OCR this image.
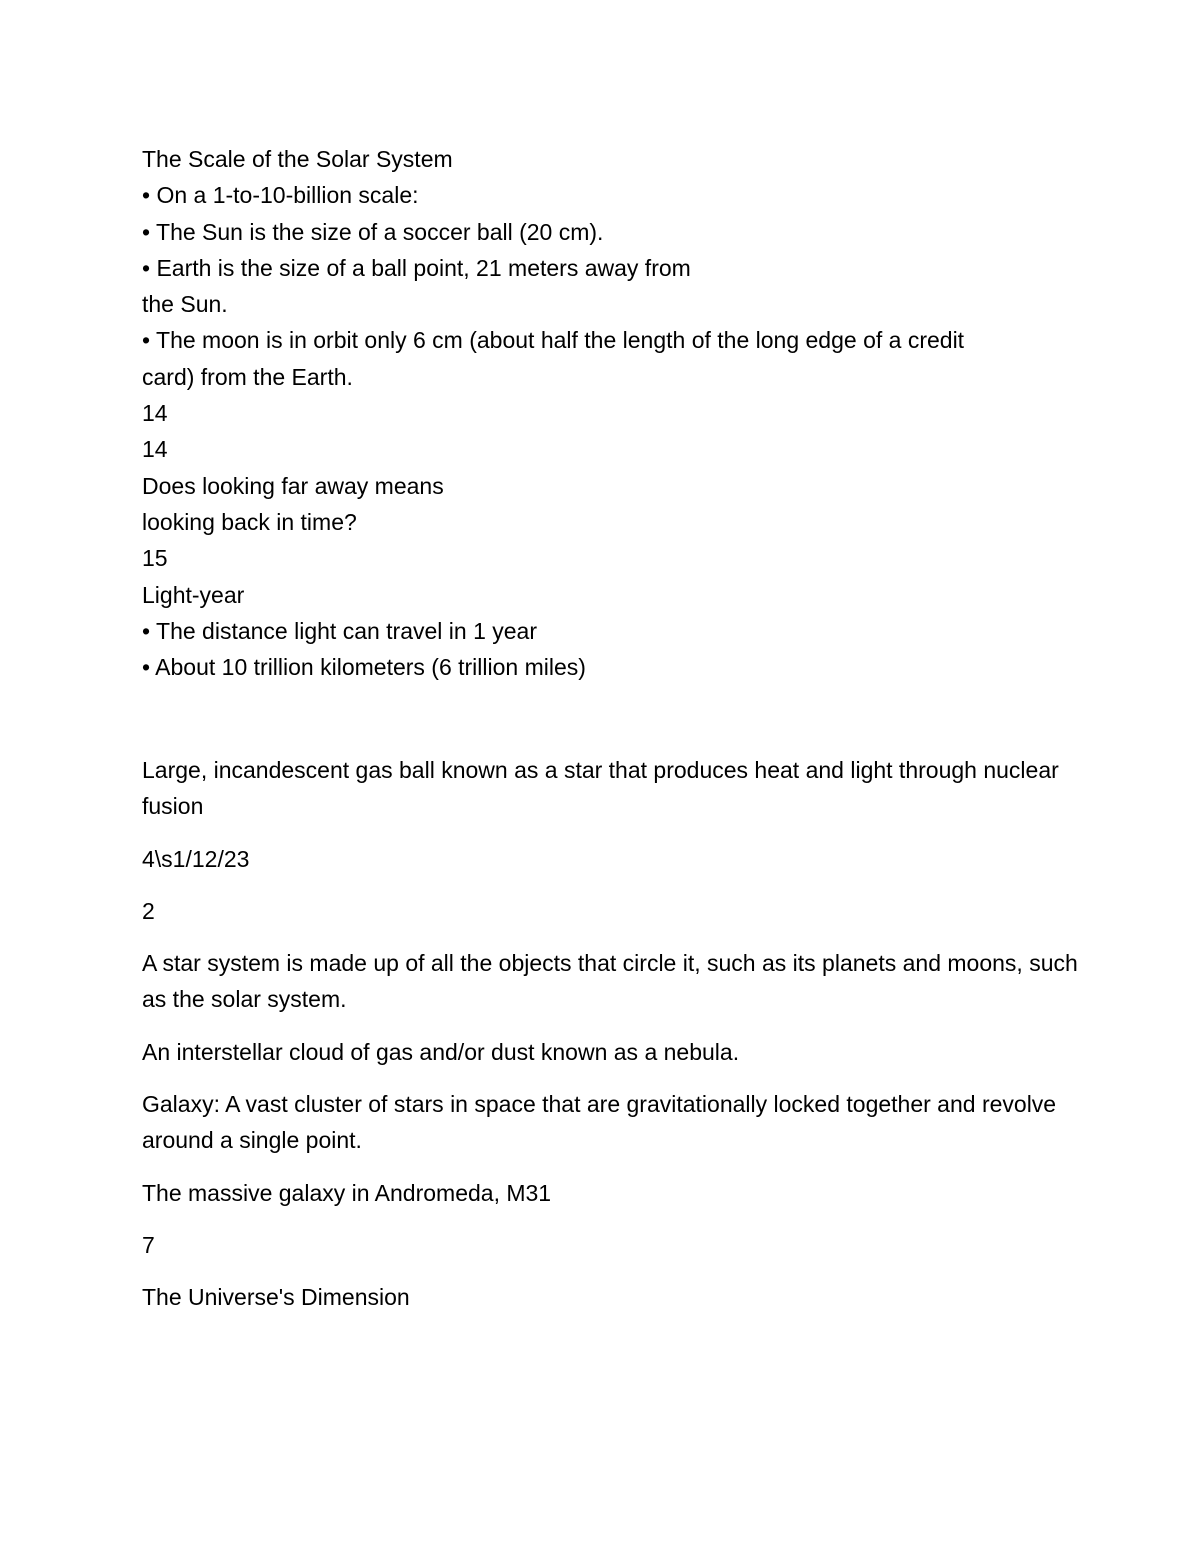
The Scale of the Solar System
• On a 1-to-10-billion scale:
• The Sun is the size of a soccer ball (20 cm).
• Earth is the size of a ball point, 21 meters away from
the Sun.
• The moon is in orbit only 6 cm (about half the length of the long edge of a credit
card) from the Earth.
14
14
Does looking far away means
looking back in time?
15
Light-year
• The distance light can travel in 1 year
• About 10 trillion kilometers (6 trillion miles)

Large, incandescent gas ball known as a star that produces heat and light through nuclear fusion

4\s1/12/23

2

A star system is made up of all the objects that circle it, such as its planets and moons, such as the solar system.

An interstellar cloud of gas and/or dust known as a nebula.

Galaxy: A vast cluster of stars in space that are gravitationally locked together and revolve around a single point.

The massive galaxy in Andromeda, M31

7

The Universe's Dimension
